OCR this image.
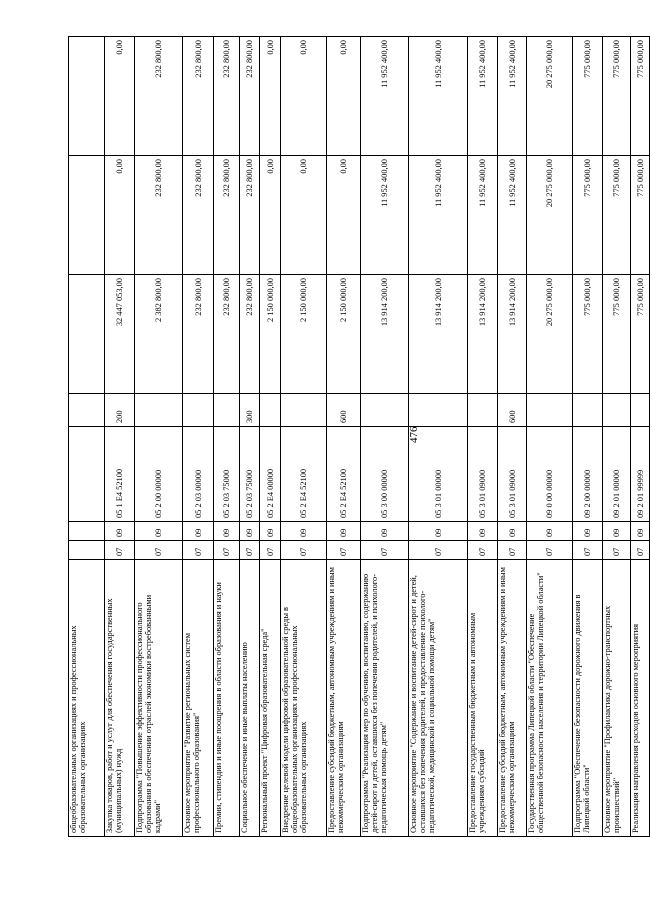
476
общеобразовательных организациях и профессиональных образовательных организациях							
Закупка товаров, работ и услуг для обеспечения государственных (муниципальных) нужд	07	09	05 1 E4 52100	200	32 447 053,00	0,00	0,00
Подпрограмма "Повышение эффективности профессионального образования в обеспечении отраслей экономики востребованными кадрами"	07	09	05 2 00 00000		2 382 800,00	232 800,00	232 800,00
Основное мероприятие "Развитие региональных систем профессионального образования"	07	09	05 2 03 00000		232 800,00	232 800,00	232 800,00
Премии, стипендии и иные поощрения в области образования и науки	07	09	05 2 03 75000		232 800,00	232 800,00	232 800,00
Социальное обеспечение и иные выплаты населению	07	09	05 2 03 75000	300	232 800,00	232 800,00	232 800,00
Региональный проект "Цифровая образовательная среда"	07	09	05 2 E4 00000		2 150 000,00	0,00	0,00
Внедрение целевой модели цифровой образовательной среды в общеобразовательных организациях и профессиональных образовательных организациях	07	09	05 2 E4 52100		2 150 000,00	0,00	0,00
Предоставление субсидий бюджетным, автономным учреждениям и иным некоммерческим организациям	07	09	05 2 E4 52100	600	2 150 000,00	0,00	0,00
Подпрограмма "Реализация мер по обучению, воспитанию, содержанию детей-сирот и детей, оставшихся без попечения родителей, и психолого-педагогическая помощь детям"	07	09	05 3 00 00000		13 914 200,00	11 952 400,00	11 952 400,00
Основное мероприятие "Содержание и воспитание детей-сирот и детей, оставшихся без попечения родителей, и предоставление психолого-педагогической, медицинской и социальной помощи детям"	07	09	05 3 01 00000		13 914 200,00	11 952 400,00	11 952 400,00
Предоставление государственным бюджетным и автономным учреждениям субсидий	07	09	05 3 01 09000		13 914 200,00	11 952 400,00	11 952 400,00
Предоставление субсидий бюджетным, автономным учреждениям и иным некоммерческим организациям	07	09	05 3 01 09000	600	13 914 200,00	11 952 400,00	11 952 400,00
Государственная программа Липецкой области "Обеспечение общественной безопасности населения и территории Липецкой области"	07	09	09 0 00 00000		20 275 000,00	20 275 000,00	20 275 000,00
Подпрограмма "Обеспечение безопасности дорожного движения в Липецкой области"	07	09	09 2 00 00000		775 000,00	775 000,00	775 000,00
Основное мероприятие "Профилактика дорожно-транспортных происшествий"	07	09	09 2 01 00000		775 000,00	775 000,00	775 000,00
Реализация направления расходов основного мероприятия	07	09	09 2 01 99999		775 000,00	775 000,00	775 000,00
